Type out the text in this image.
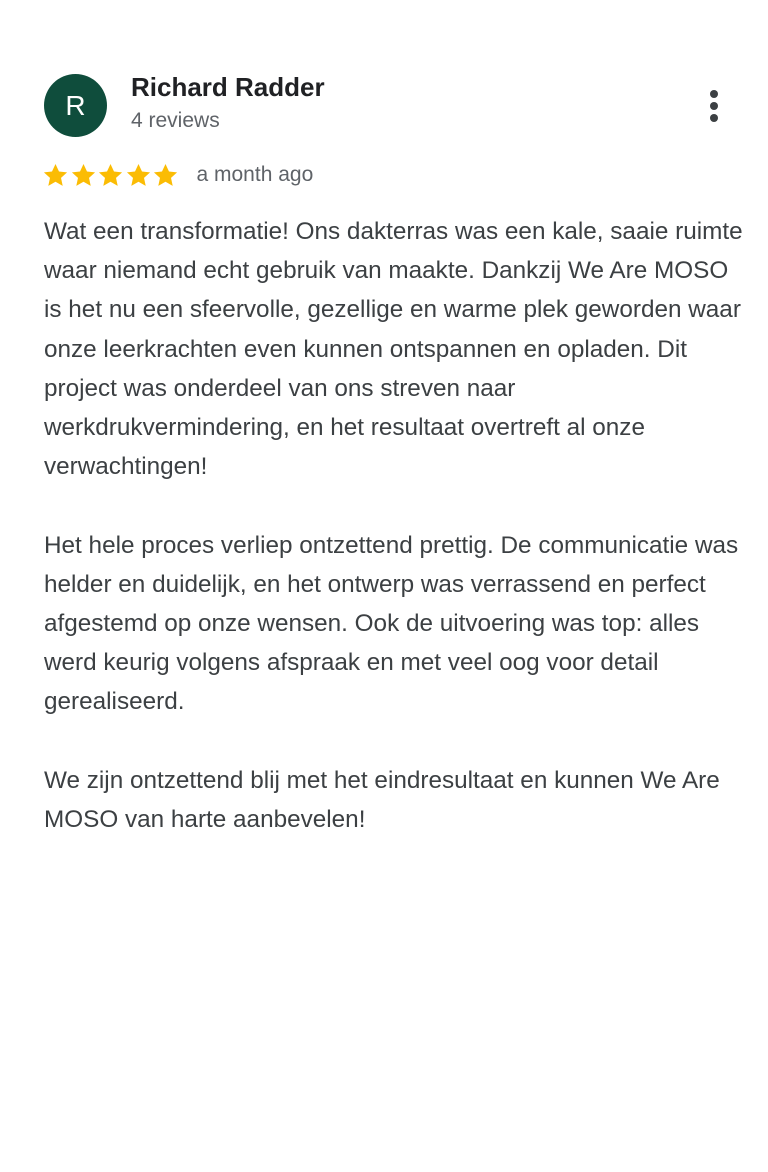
R
Richard Radder
4 reviews
a month ago

Wat een transformatie! Ons dakterras was een kale, saaie ruimte waar niemand echt gebruik van maakte. Dankzij We Are MOSO is het nu een sfeervolle, gezellige en warme plek geworden waar onze leerkrachten even kunnen ontspannen en opladen. Dit project was onderdeel van ons streven naar werkdrukvermindering, en het resultaat overtreft al onze verwachtingen!

Het hele proces verliep ontzettend prettig. De communicatie was helder en duidelijk, en het ontwerp was verrassend en perfect afgestemd op onze wensen. Ook de uitvoering was top: alles werd keurig volgens afspraak en met veel oog voor detail gerealiseerd.

We zijn ontzettend blij met het eindresultaat en kunnen We Are MOSO van harte aanbevelen!
